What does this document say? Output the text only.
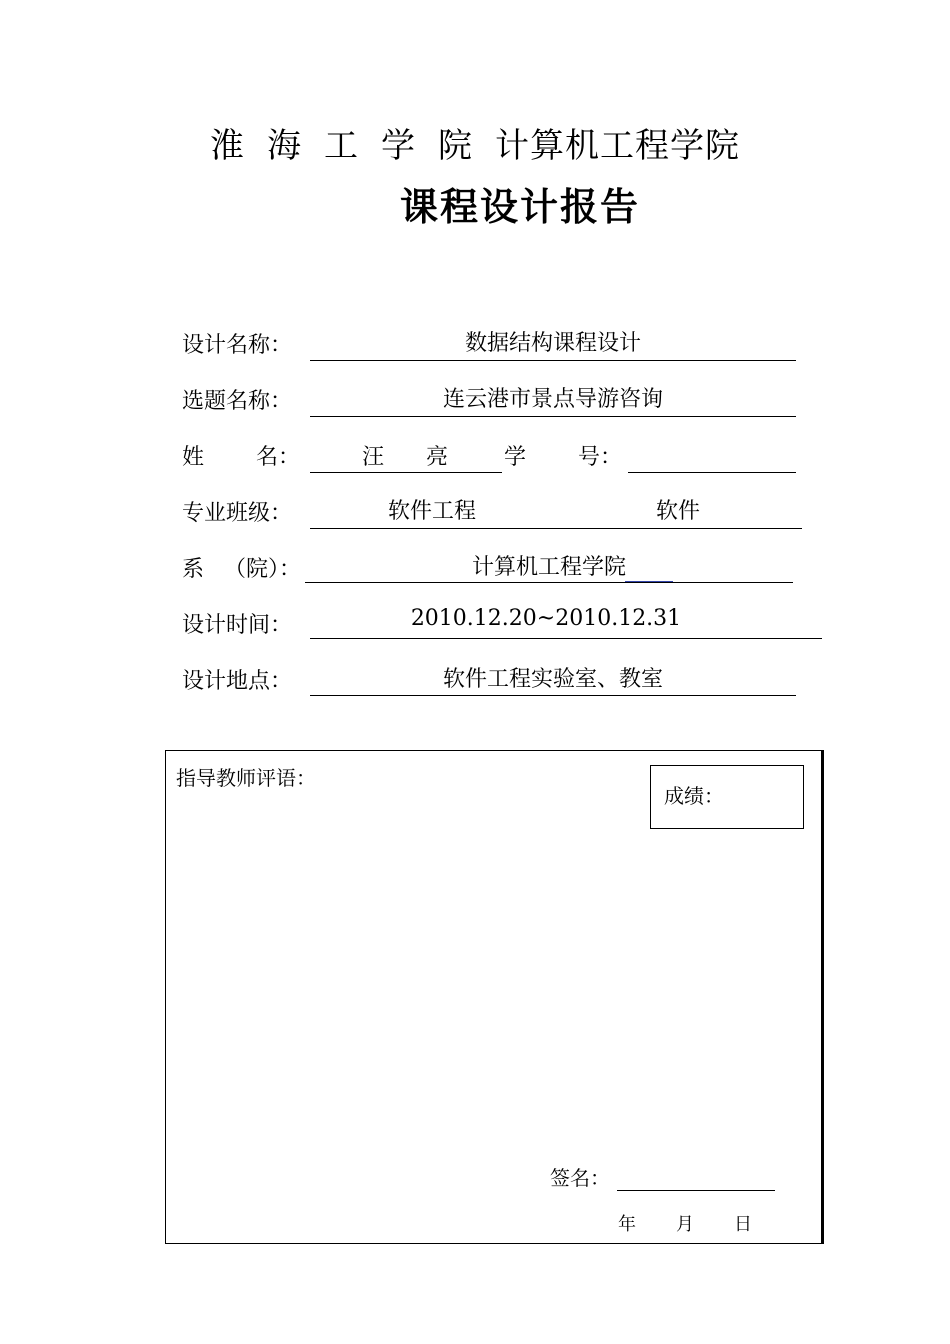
淮 海 工 学 院 计算机工程学院
课程设计报告
设计名称：	数据结构课程设计
选题名称：	连云港市景点导游咨询
姓 名：	汪 亮	学 号：
专业班级：	软件工程	软件
系 （院）：	计算机工程学院
设计时间：	2010.12.20~2010.12.31
设计地点：	软件工程实验室、教室
指导教师评语：
成绩：
签名：
年 月 日
